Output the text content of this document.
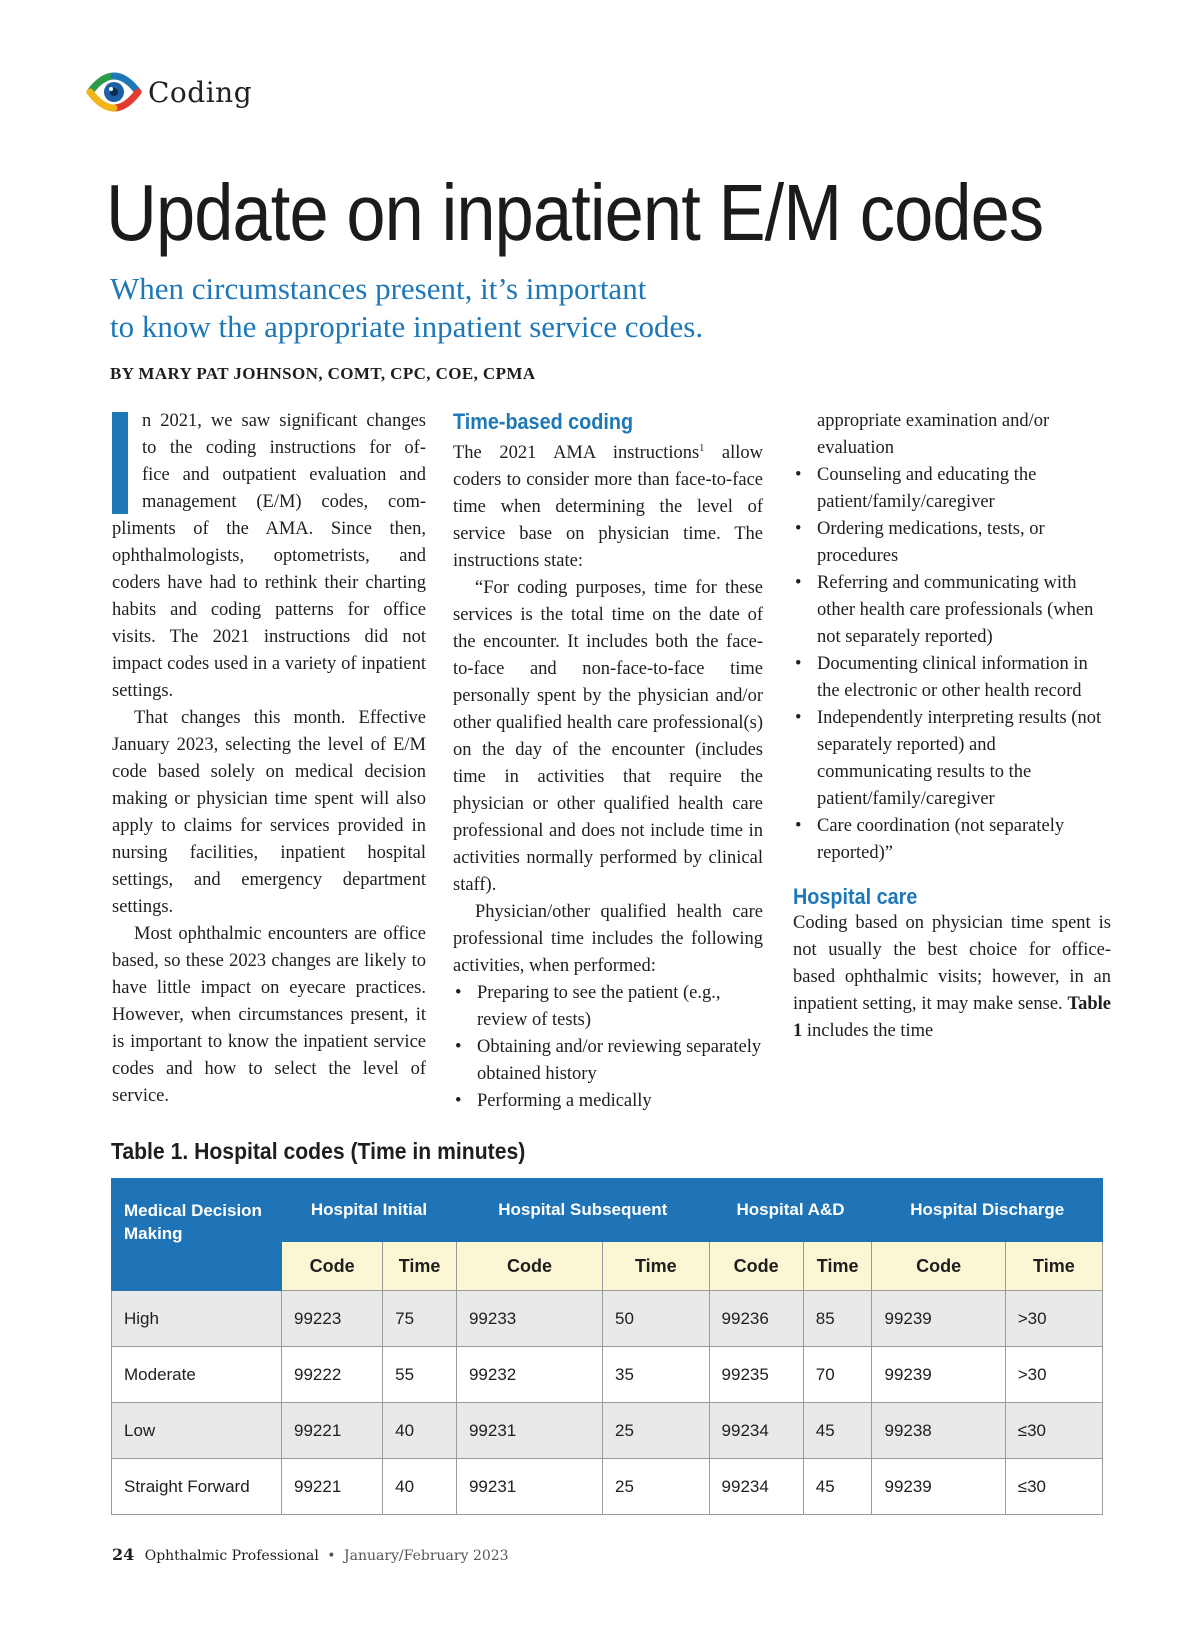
Coding
Update on inpatient E/M codes
When circumstances present, it’s important
to know the appropriate inpatient service codes.
BY MARY PAT JOHNSON, COMT, CPC, COE, CPMA

n 2021, we saw significant changes
to the coding instructions for of-
fice and outpatient evaluation and
management (E/M) codes, com-
pliments of the AMA. Since then, ophthalmologists, optometrists, and coders have had to rethink their charting habits and coding patterns for office visits. The 2021 instructions did not impact codes used in a variety of inpatient settings.

That changes this month. Effective January 2023, selecting the level of E/M code based solely on medical decision making or physician time spent will also apply to claims for services provided in nursing facilities, inpatient hospital settings, and emergency department settings.

Most ophthalmic encounters are office based, so these 2023 changes are likely to have little impact on eyecare practices. However, when circumstances present, it is important to know the inpatient service codes and how to select the level of service.

Time-based coding

The 2021 AMA instructions$^1$ allow coders to consider more than face-to-face time when determining the level of service base on physician time. The instructions state:

“For coding purposes, time for these services is the total time on the date of the encounter. It includes both the face-to-face and non-face-to-face time personally spent by the physician and/or other qualified health care professional(s) on the day of the encounter (includes time in activities that require the physician or other qualified health care professional and does not include time in activities normally performed by clinical staff).

Physician/other qualified health care professional time includes the following activities, when performed:

• Preparing to see the patient (e.g., review of tests)
• Obtaining and/or reviewing separately obtained history
• Performing a medically

appropriate examination and/or evaluation

• Counseling and educating the patient/family/caregiver
• Ordering medications, tests, or procedures
• Referring and communicating with other health care professionals (when not separately reported)
• Documenting clinical information in the electronic or other health record
• Independently interpreting results (not separately reported) and communicating results to the patient/family/caregiver
• Care coordination (not separately reported)”
Hospital care

Coding based on physician time spent is not usually the best choice for office-based ophthalmic visits; however, in an inpatient setting, it may make sense. Table 1 includes the time

Table 1. Hospital codes (Time in minutes)
Medical Decision Making	Hospital Initial		Hospital Subsequent		Hospital A&D		Hospital Discharge	
	Code	Time	Code	Time	Code	Time	Code	Time
High	99223	75	99233	50	99236	85	99239	>30
Moderate	99222	55	99232	35	99235	70	99239	>30
Low	99221	40	99231	25	99234	45	99238	≤30
Straight Forward	99221	40	99231	25	99234	45	99239	≤30
24 Ophthalmic Professional • January/February 2023
